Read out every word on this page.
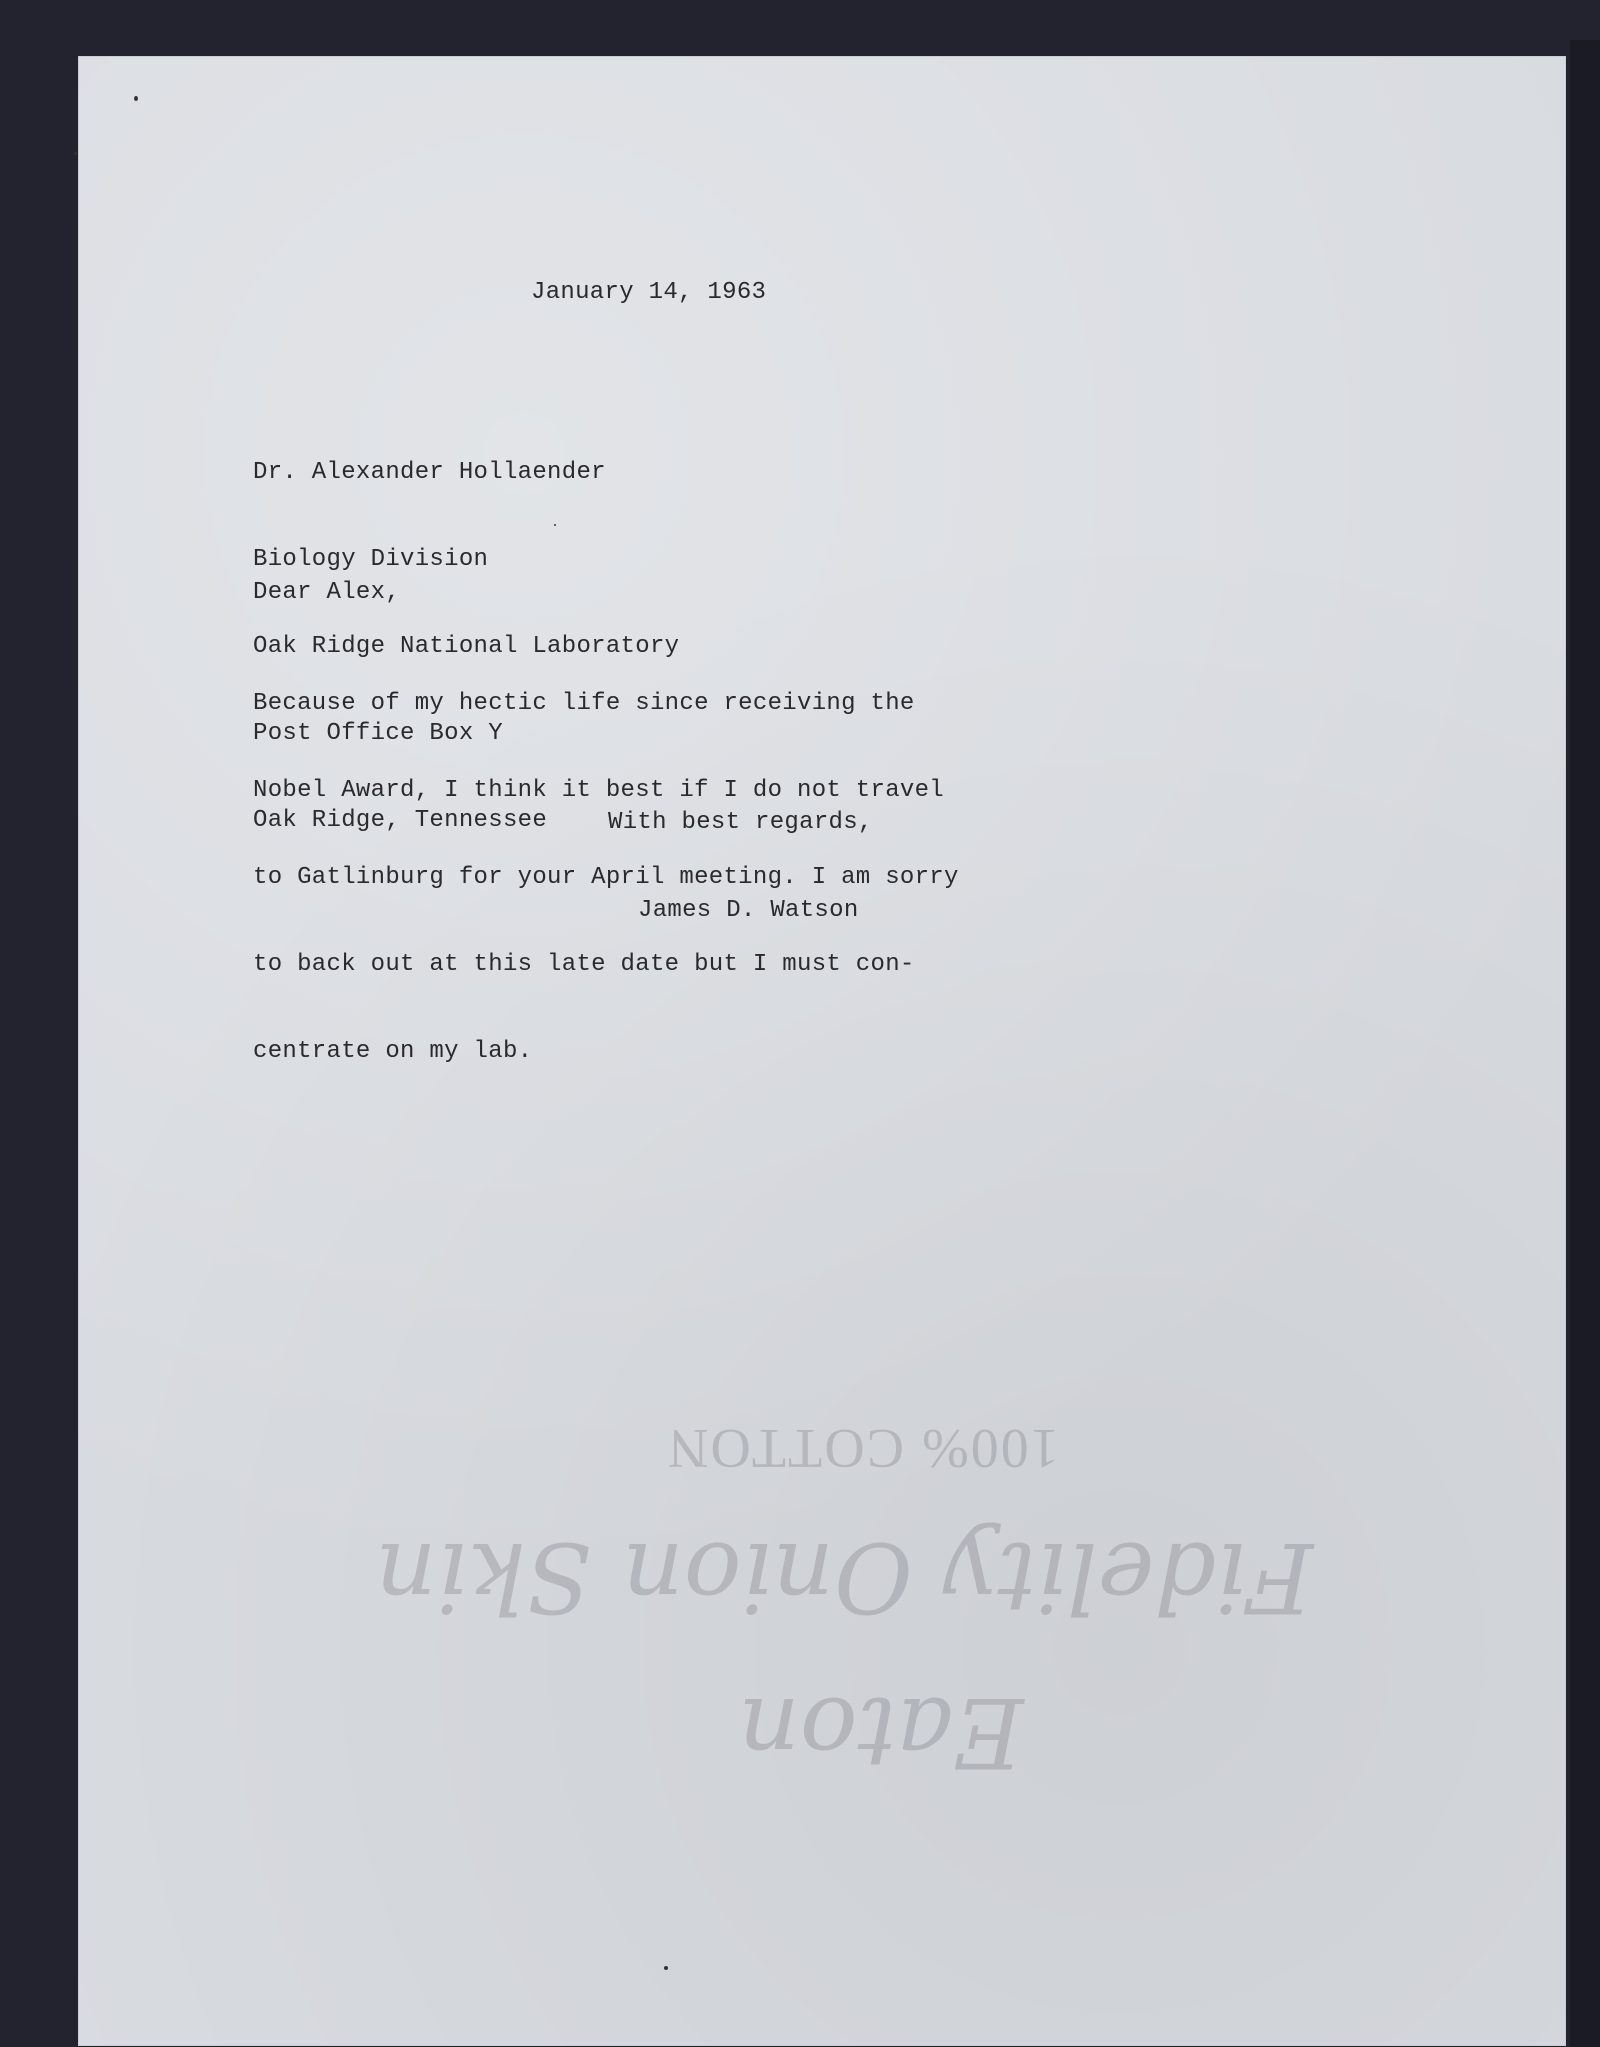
January 14, 1963

Dr. Alexander Hollaender

Biology Division

Oak Ridge National Laboratory

Post Office Box Y

Oak Ridge, Tennessee

Dear Alex,

Because of my hectic life since receiving the

Nobel Award, I think it best if I do not travel

to Gatlinburg for your April meeting. I am sorry

to back out at this late date but I must con-

centrate on my lab.

With best regards,
James D. Watson
100% COTTON
Fidelity Onion Skin
Eaton
